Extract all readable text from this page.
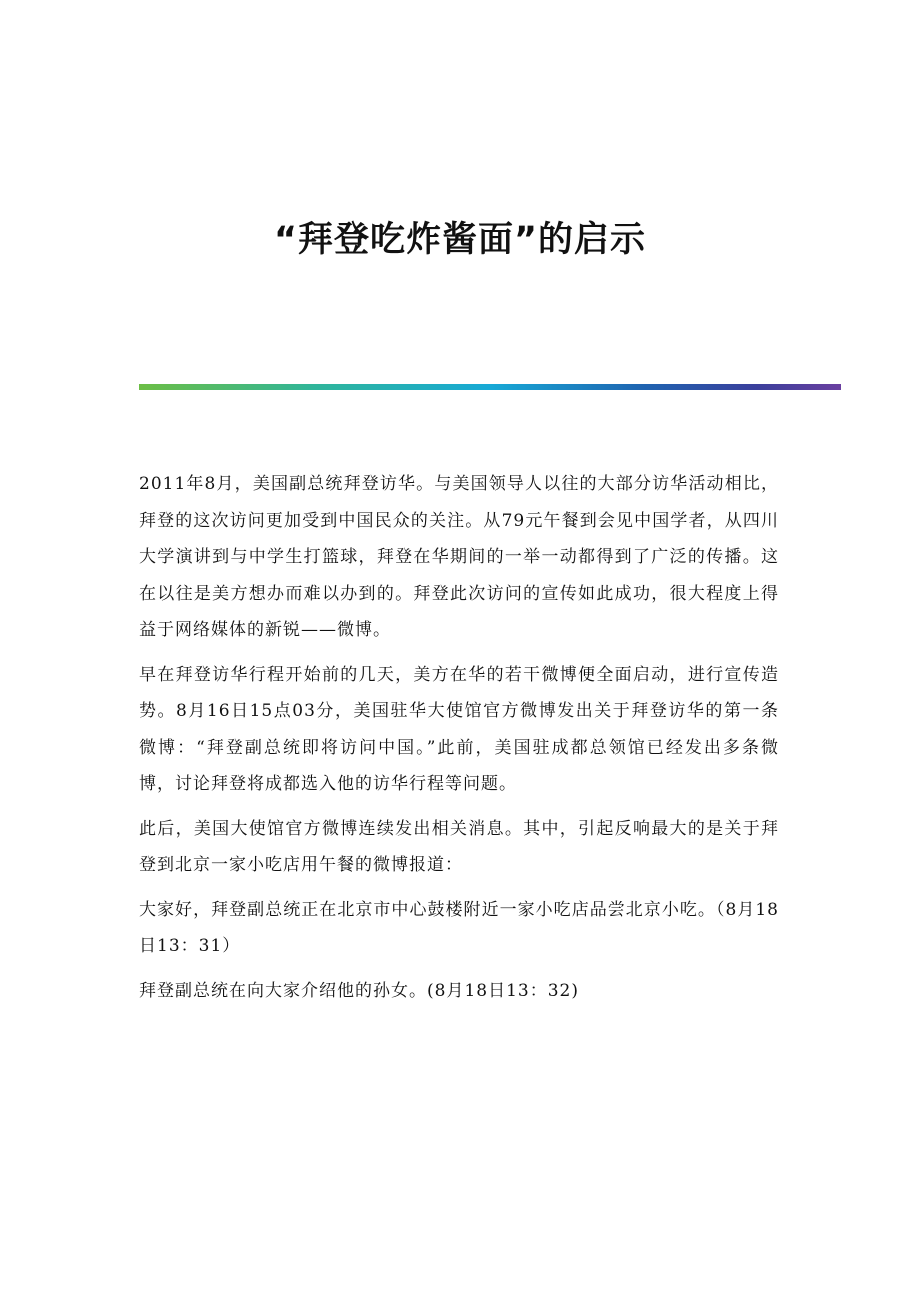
“拜登吃炸酱面”的启示

2011年8月，美国副总统拜登访华。与美国领导人以往的大部分访华活动相比，拜登的这次访问更加受到中国民众的关注。从79元午餐到会见中国学者，从四川大学演讲到与中学生打篮球，拜登在华期间的一举一动都得到了广泛的传播。这在以往是美方想办而难以办到的。拜登此次访问的宣传如此成功，很大程度上得益于网络媒体的新锐——微博。

早在拜登访华行程开始前的几天，美方在华的若干微博便全面启动，进行宣传造势。8月16日15点03分，美国驻华大使馆官方微博发出关于拜登访华的第一条微博：“拜登副总统即将访问中国。”此前，美国驻成都总领馆已经发出多条微博，讨论拜登将成都选入他的访华行程等问题。

此后，美国大使馆官方微博连续发出相关消息。其中，引起反响最大的是关于拜登到北京一家小吃店用午餐的微博报道：

大家好，拜登副总统正在北京市中心鼓楼附近一家小吃店品尝北京小吃。（8月18日13：31）

拜登副总统在向大家介绍他的孙女。(8月18日13：32)
